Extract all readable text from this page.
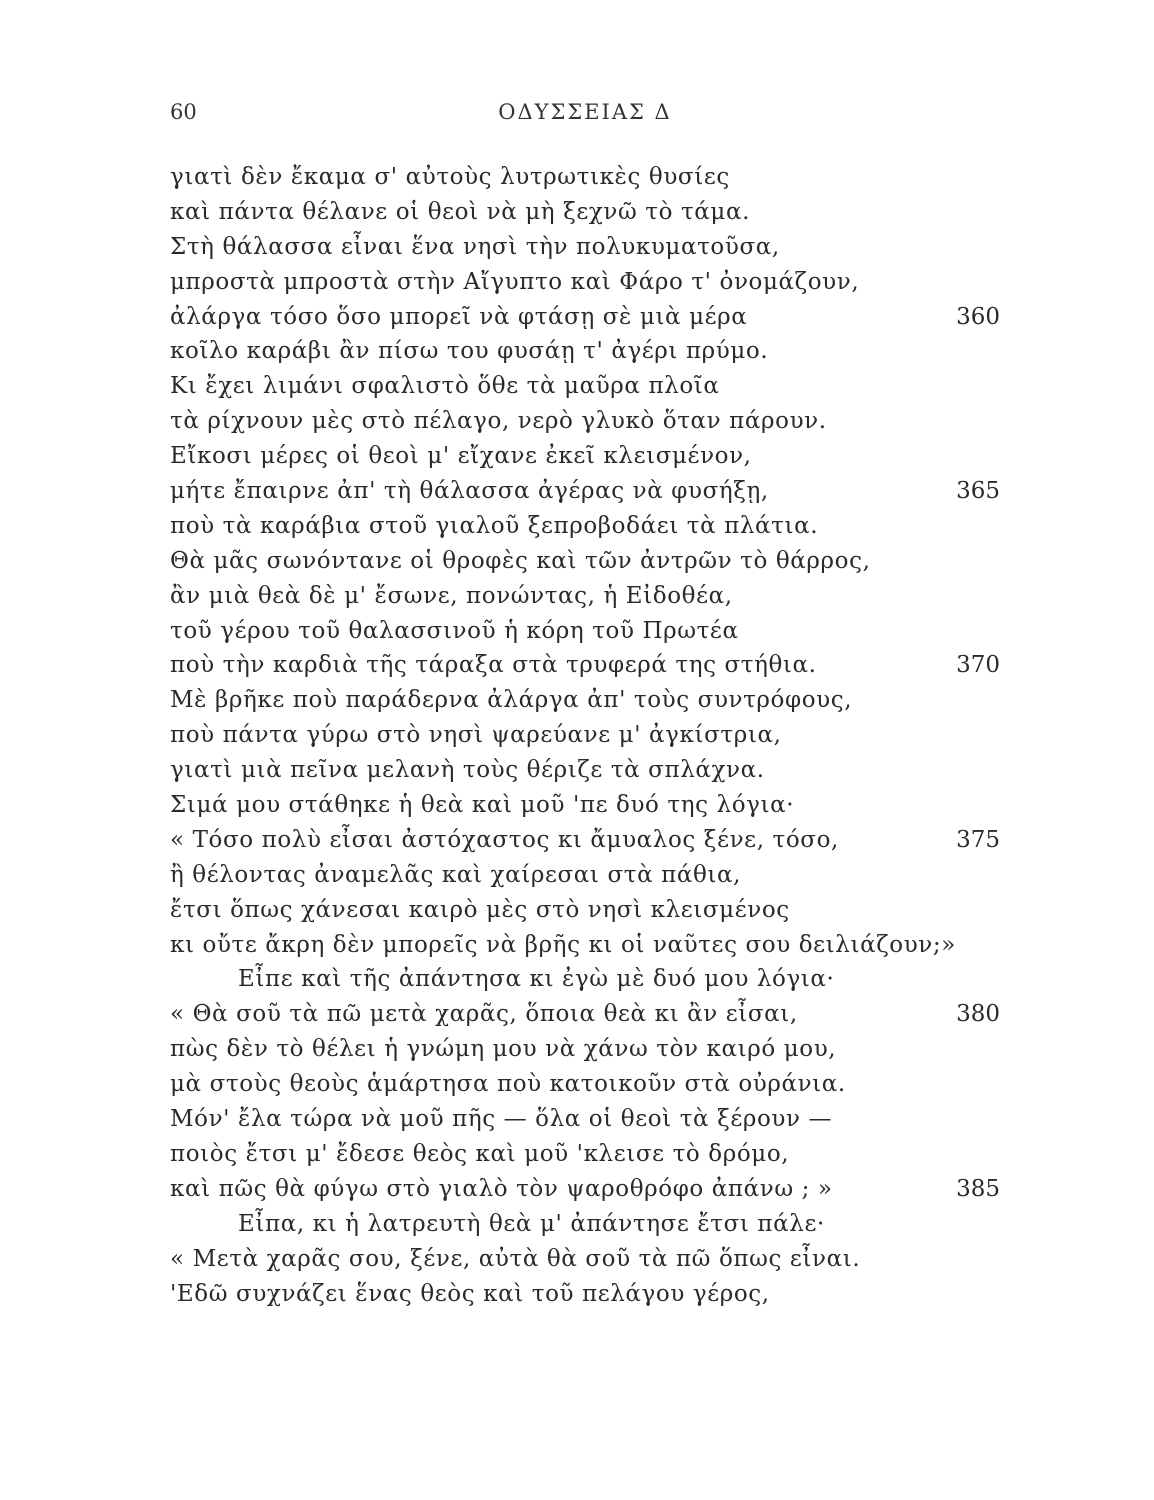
60	ΟΔΥΣΣΕΙΑΣ Δ
γιατὶ δὲν ἔκαμα σ' αὐτοὺς λυτρωτικὲς θυσίες
καὶ πάντα θέλανε οἱ θεοὶ νὰ μὴ ξεχνῶ τὸ τάμα.
Στὴ θάλασσα εἶναι ἕνα νησὶ τὴν πολυκυματοῦσα,
μπροστὰ μπροστὰ στὴν Αἴγυπτο καὶ Φάρο τ' ὀνομάζουν,
ἀλάργα τόσο ὅσο μπορεῖ νὰ φτάσῃ σὲ μιὰ μέρα	360
κοῖλο καράβι ἂν πίσω του φυσάῃ τ' ἀγέρι πρύμο.
Κι ἔχει λιμάνι σφαλιστὸ ὅθε τὰ μαῦρα πλοῖα
τὰ ρίχνουν μὲς στὸ πέλαγο, νερὸ γλυκὸ ὅταν πάρουν.
Εἴκοσι μέρες οἱ θεοὶ μ' εἴχανε ἐκεῖ κλεισμένον,
μήτε ἔπαιρνε ἀπ' τὴ θάλασσα ἀγέρας νὰ φυσήξῃ,	365
ποὺ τὰ καράβια στοῦ γιαλοῦ ξεπροβοδάει τὰ πλάτια.
Θὰ μᾶς σωνόντανε οἱ θροφὲς καὶ τῶν ἀντρῶν τὸ θάρρος,
ἂν μιὰ θεὰ δὲ μ' ἔσωνε, πονώντας, ἡ Εἰδοθέα,
τοῦ γέρου τοῦ θαλασσινοῦ ἡ κόρη τοῦ Πρωτέα
ποὺ τὴν καρδιὰ τῆς τάραξα στὰ τρυφερά της στήθια.	370
Μὲ βρῆκε ποὺ παράδερνα ἀλάργα ἀπ' τοὺς συντρόφους,
ποὺ πάντα γύρω στὸ νησὶ ψαρεύανε μ' ἀγκίστρια,
γιατὶ μιὰ πεῖνα μελανὴ τοὺς θέριζε τὰ σπλάχνα.
Σιμά μου στάθηκε ἡ θεὰ καὶ μοῦ 'πε δυό της λόγια·
« Τόσο πολὺ εἶσαι ἀστόχαστος κι ἄμυαλος ξένε, τόσο,	375
ἢ θέλοντας ἀναμελᾶς καὶ χαίρεσαι στὰ πάθια,
ἔτσι ὅπως χάνεσαι καιρὸ μὲς στὸ νησὶ κλεισμένος
κι οὔτε ἄκρη δὲν μπορεῖς νὰ βρῆς κι οἱ ναῦτες σου δειλιάζουν;»
Εἶπε καὶ τῆς ἀπάντησα κι ἐγὼ μὲ δυό μου λόγια·
« Θὰ σοῦ τὰ πῶ μετὰ χαρᾶς, ὅποια θεὰ κι ἂν εἶσαι,	380
πὼς δὲν τὸ θέλει ἡ γνώμη μου νὰ χάνω τὸν καιρό μου,
μὰ στοὺς θεοὺς ἁμάρτησα ποὺ κατοικοῦν στὰ οὐράνια.
Μόν' ἔλα τώρα νὰ μοῦ πῆς — ὅλα οἱ θεοὶ τὰ ξέρουν —
ποιὸς ἔτσι μ' ἔδεσε θεὸς καὶ μοῦ 'κλεισε τὸ δρόμο,
καὶ πῶς θὰ φύγω στὸ γιαλὸ τὸν ψαροθρόφο ἀπάνω ; »	385
Εἶπα, κι ἡ λατρευτὴ θεὰ μ' ἀπάντησε ἔτσι πάλε·
« Μετὰ χαρᾶς σου, ξένε, αὐτὰ θὰ σοῦ τὰ πῶ ὅπως εἶναι.
'Εδῶ συχνάζει ἕνας θεὸς καὶ τοῦ πελάγου γέρος,
